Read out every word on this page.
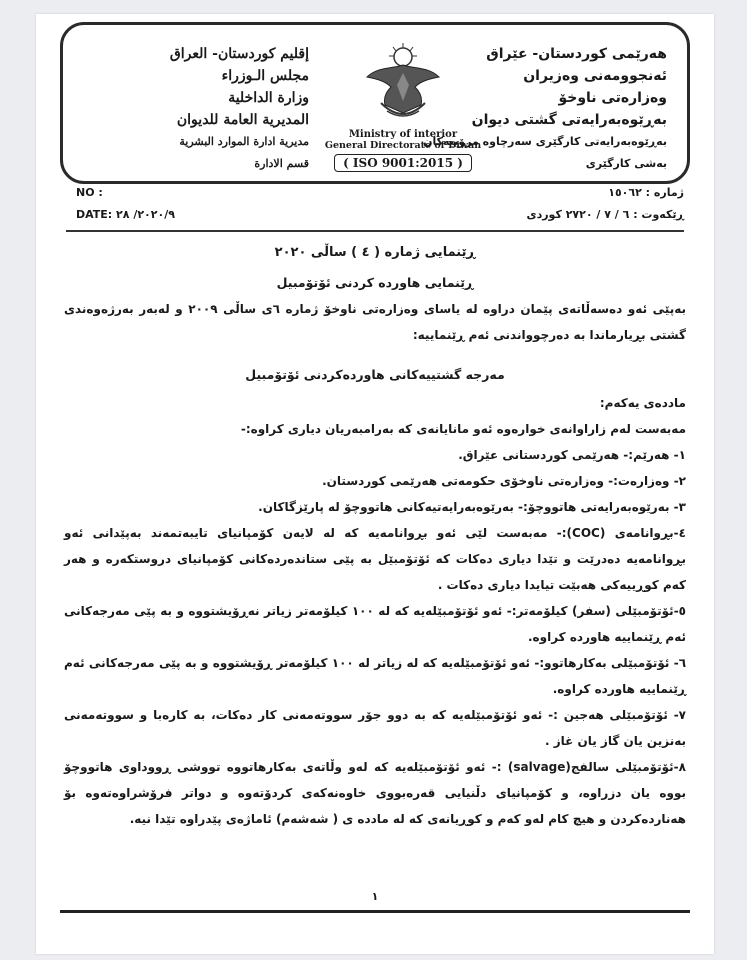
هەرێمی کوردستان- عێراق
ئەنجوومەنی وەزیران
وەزارەتی ناوخۆ
بەڕێوەبەرایەتی گشتی دیوان
بەڕێوەبەرایەتی کارگێری سەرچاوە مرۆییەکان
بەشی کارگێری
Ministry of interior
General Directorate of Diwan
( ISO 9001:2015 )
إقليم كوردستان- العراق
مجلس الـوزراء
وزارة الداخلية
المديرية العامة للديوان
مديرية ادارة الموارد البشرية
قسم الادارة
NO :
DATE: ٢٠٢٠/٩/ ٢٨
ژمارە : ١٥٠٦٢
ڕێکەوت : ٦ / ٧ / ٢٧٢٠ کوردی
ڕێنمایی ژمارە ( ٤ ) ساڵی ٢٠٢٠
ڕێنمایی هاوردە کردنی ئۆتۆمبیل
بەپێی ئەو دەسەڵاتەی پێمان دراوە لە یاسای وەزارەتی ناوخۆ ژمارە ٦ی ساڵی ٢٠٠٩ و لەبەر بەرژەوەندی گشتی بڕیارماندا بە دەرچوواندنی ئەم ڕێنماییە:
مەرجە گشتییەکانی هاوردەکردنی ئۆتۆمبیل
ماددەی یەکەم:
مەبەست لەم زاراوانەی خوارەوە ئەو مانایانەی کە بەرامبەریان دیاری کراوە:-
١- هەرێم:- هەرێمی کوردستانی عێراق.
٢- وەزارەت:- وەزارەتی ناوخۆی حکومەتی هەرێمی کوردستان.
٣- بەرێوەبەرایەتی هاتووچۆ:- بەرێوەبەرایەتیەکانی هاتووچۆ لە پارێزگاکان.
٤-بڕوانامەی (COC):- مەبەست لێی ئەو بڕوانامەیە کە لە لایەن کۆمپانیای تایبەتمەند بەپێدانی ئەو بڕوانامەیە دەدرێت و تێدا دیاری دەکات کە ئۆتۆمبێل بە پێی ستاندەردەکانی کۆمپانیای دروستکەرە و هەر کەم کوڕییەکی هەبێت تیایدا دیاری دەکات .
٥-ئۆتۆمبێلی (سفر) کیلۆمەتر:- ئەو ئۆتۆمبێلەیە کە لە ١٠٠ کیلۆمەتر زیاتر نەڕۆیشتووە و بە پێی مەرجەکانی ئەم ڕێنماییە هاوردە کراوە.
٦- ئۆتۆمبێلی بەکارهاتوو:- ئەو ئۆتۆمبێلەیە کە لە زیاتر لە ١٠٠ کیلۆمەتر ڕۆیشتووە و بە پێی مەرجەکانی ئەم ڕێنماییە هاوردە کراوە.
٧- ئۆتۆمبێلی هەجین :- ئەو ئۆتۆمبێلەیە کە بە دوو جۆر سووتەمەنی کار دەکات، بە کارەبا و سووتەمەنی بەنزین یان گاز یان غاز .
٨-ئۆتۆمبێلی سالفج(salvage) :- ئەو ئۆتۆمبێلەیە کە لەو وڵاتەی بەکارهاتووە تووشی ڕووداوی هاتووچۆ بووە یان دزراوە، و کۆمپانیای دڵنیایی قەرەبووی خاوەنەکەی کردۆتەوە و دواتر فرۆشراوەتەوە بۆ هەناردەکردن و هیچ کام لەو کەم و کوڕیانەی کە لە ماددە ی ( شەشەم) ئاماژەی پێدراوە تێدا نیە.
١
